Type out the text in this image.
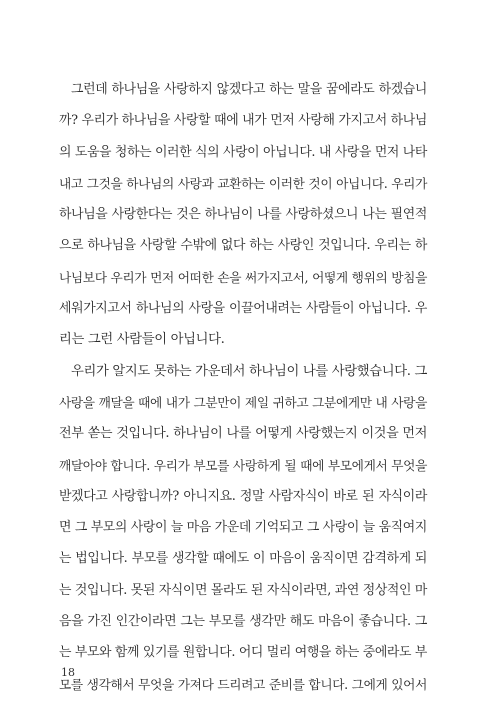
그런데 하나님을 사랑하지 않겠다고 하는 말을 꿈에라도 하겠습니
까? 우리가 하나님을 사랑할 때에 내가 먼저 사랑해 가지고서 하나님
의 도움을 청하는 이러한 식의 사랑이 아닙니다. 내 사랑을 먼저 나타
내고 그것을 하나님의 사랑과 교환하는 이러한 것이 아닙니다. 우리가
하나님을 사랑한다는 것은 하나님이 나를 사랑하셨으니 나는 필연적
으로 하나님을 사랑할 수밖에 없다 하는 사랑인 것입니다. 우리는 하
나님보다 우리가 먼저 어떠한 손을 써가지고서, 어떻게 행위의 방침을
세워가지고서 하나님의 사랑을 이끌어내려는 사람들이 아닙니다. 우
리는 그런 사람들이 아닙니다.
우리가 알지도 못하는 가운데서 하나님이 나를 사랑했습니다. 그
사랑을 깨달을 때에 내가 그분만이 제일 귀하고 그분에게만 내 사랑을
전부 쏟는 것입니다. 하나님이 나를 어떻게 사랑했는지 이것을 먼저
깨달아야 합니다. 우리가 부모를 사랑하게 될 때에 부모에게서 무엇을
받겠다고 사랑합니까? 아니지요. 정말 사람자식이 바로 된 자식이라
면 그 부모의 사랑이 늘 마음 가운데 기억되고 그 사랑이 늘 움직여지
는 법입니다. 부모를 생각할 때에도 이 마음이 움직이면 감격하게 되
는 것입니다. 못된 자식이면 몰라도 된 자식이라면, 과연 정상적인 마
음을 가진 인간이라면 그는 부모를 생각만 해도 마음이 좋습니다. 그
는 부모와 함께 있기를 원합니다. 어디 멀리 여행을 하는 중에라도 부
모를 생각해서 무엇을 가져다 드리려고 준비를 합니다. 그에게 있어서
18
